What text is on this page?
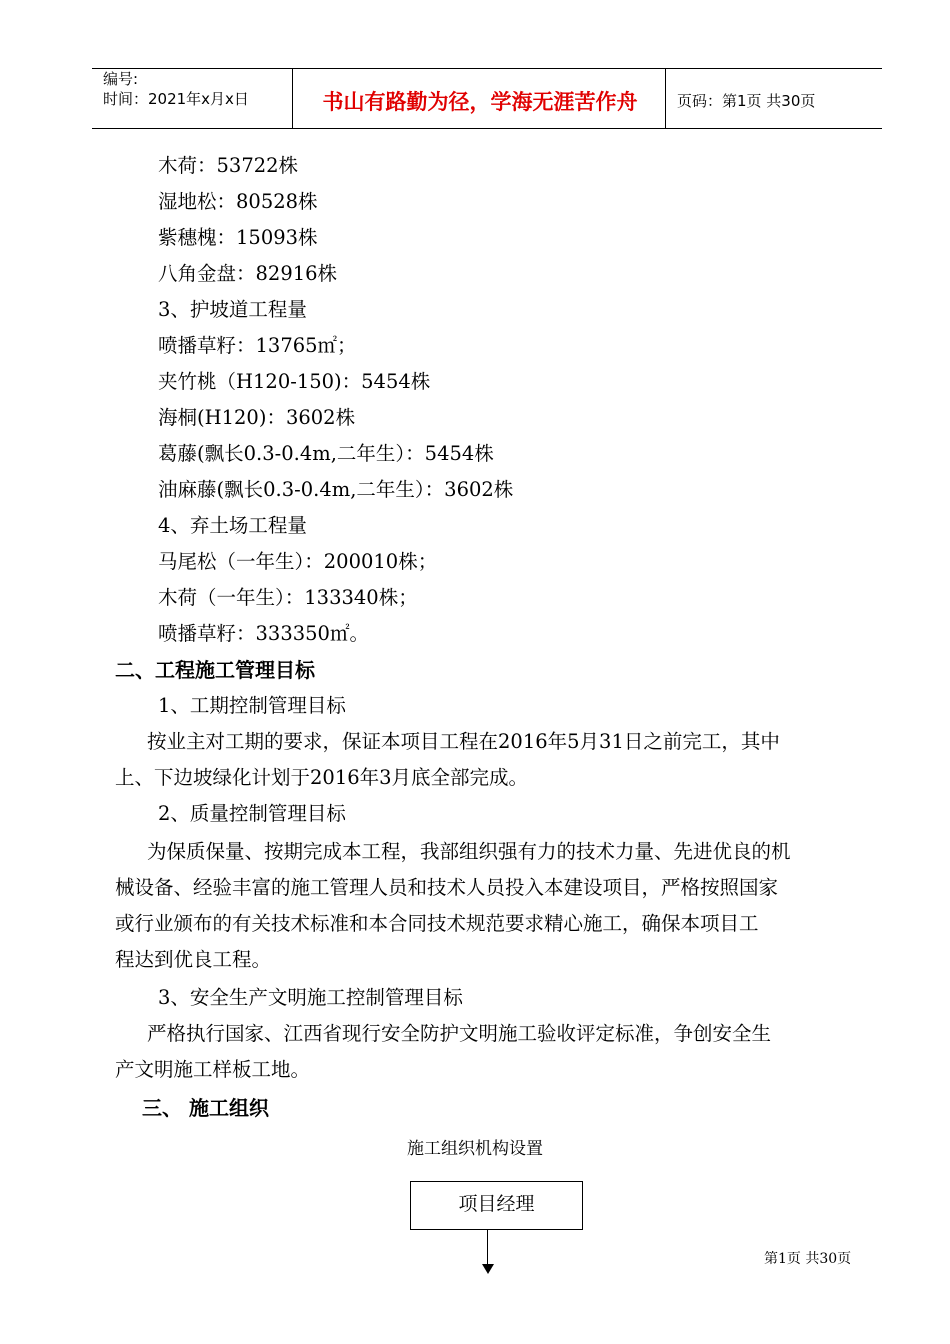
编号:
时间：2021年x月x日	书山有路勤为径，学海无涯苦作舟	页码：第1页 共30页
木荷：53722株
湿地松：80528株
紫穗槐：15093株
八角金盘：82916株
3、护坡道工程量
喷播草籽：13765㎡；
夹竹桃（H120-150)：5454株
海桐(H120)：3602株
葛藤(飘长0.3-0.4m,二年生）：5454株
油麻藤(飘长0.3-0.4m,二年生）：3602株
4、弃土场工程量
马尾松（一年生）：200010株；
木荷（一年生）：133340株；
喷播草籽：333350㎡。
二、工程施工管理目标
1、工期控制管理目标
按业主对工期的要求，保证本项目工程在2016年5月31日之前完工，其中
上、下边坡绿化计划于2016年3月底全部完成。
2、质量控制管理目标
为保质保量、按期完成本工程，我部组织强有力的技术力量、先进优良的机
械设备、经验丰富的施工管理人员和技术人员投入本建设项目，严格按照国家
或行业颁布的有关技术标准和本合同技术规范要求精心施工，确保本项目工
程达到优良工程。
3、安全生产文明施工控制管理目标
严格执行国家、江西省现行安全防护文明施工验收评定标准，争创安全生
产文明施工样板工地。
三、 施工组织
施工组织机构设置
项目经理
第1页 共30页
